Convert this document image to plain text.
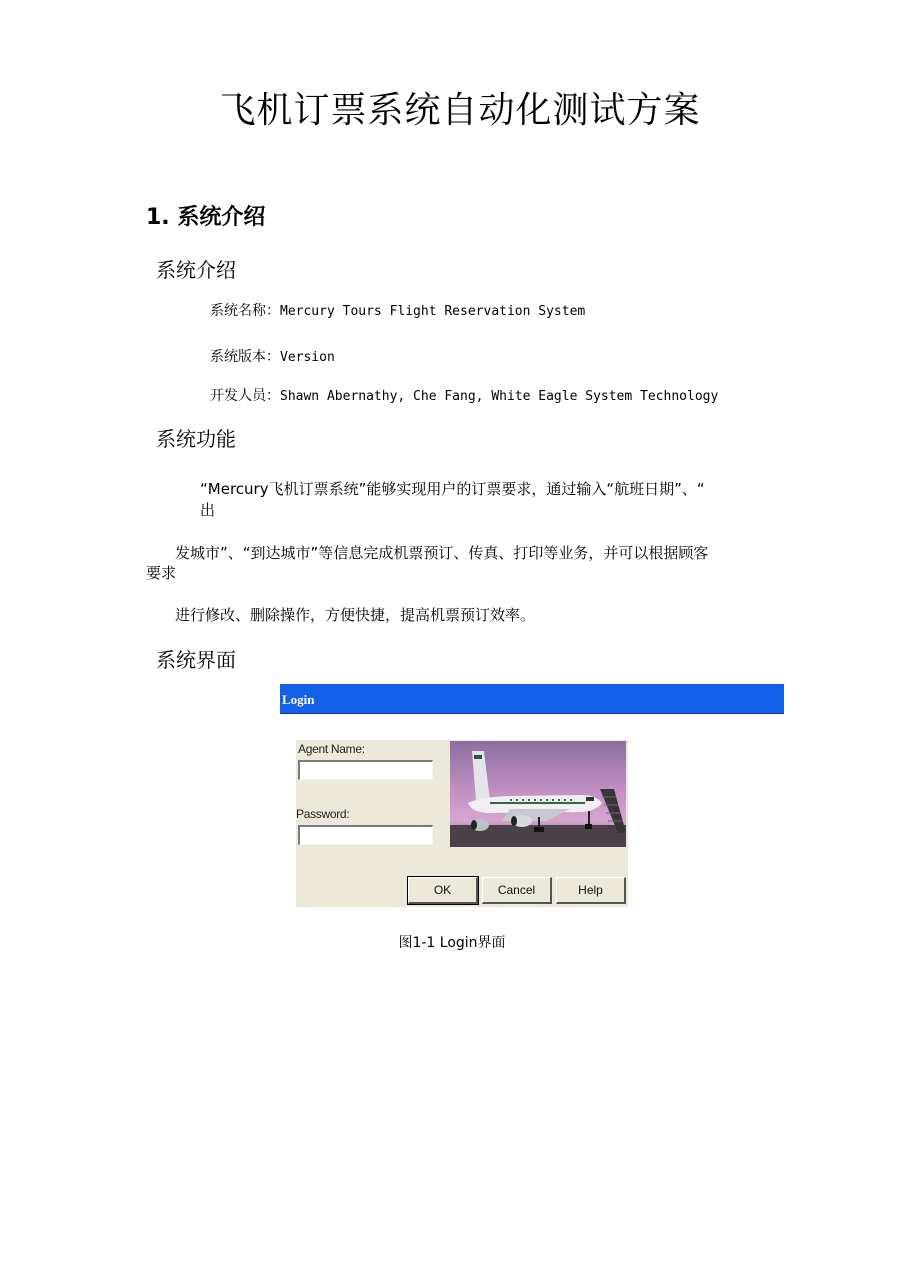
飞机订票系统自动化测试方案
1. 系统介绍
系统介绍
系统名称：Mercury Tours Flight Reservation System
系统版本：Version
开发人员：Shawn Abernathy, Che Fang, White Eagle System Technology
系统功能
“Mercury飞机订票系统”能够实现用户的订票要求，通过输入“航班日期”、“
出
发城市”、“到达城市”等信息完成机票预订、传真、打印等业务，并可以根据顾客
要求
进行修改、删除操作，方便快捷，提高机票预订效率。
系统界面
Login
Agent Name:
Password:
OK	Cancel	Help
图1-1 Login界面
